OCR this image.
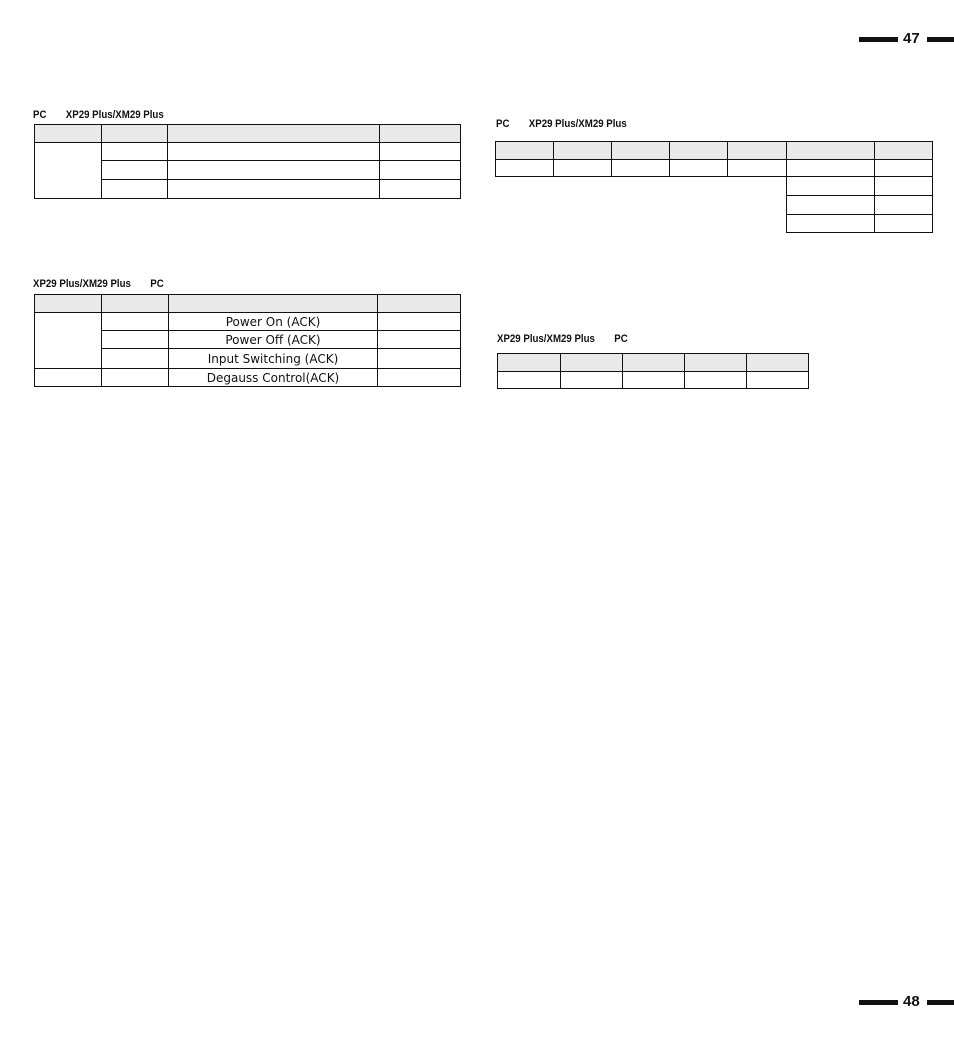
47
48
PC XP29 Plus/XM29 Plus

XP29 Plus/XM29 Plus PC

		Power On (ACK)	
		Power Off (ACK)	
		Input Switching (ACK)	
		Degauss Control(ACK)	
PC XP29 Plus/XM29 Plus

XP29 Plus/XM29 Plus PC
